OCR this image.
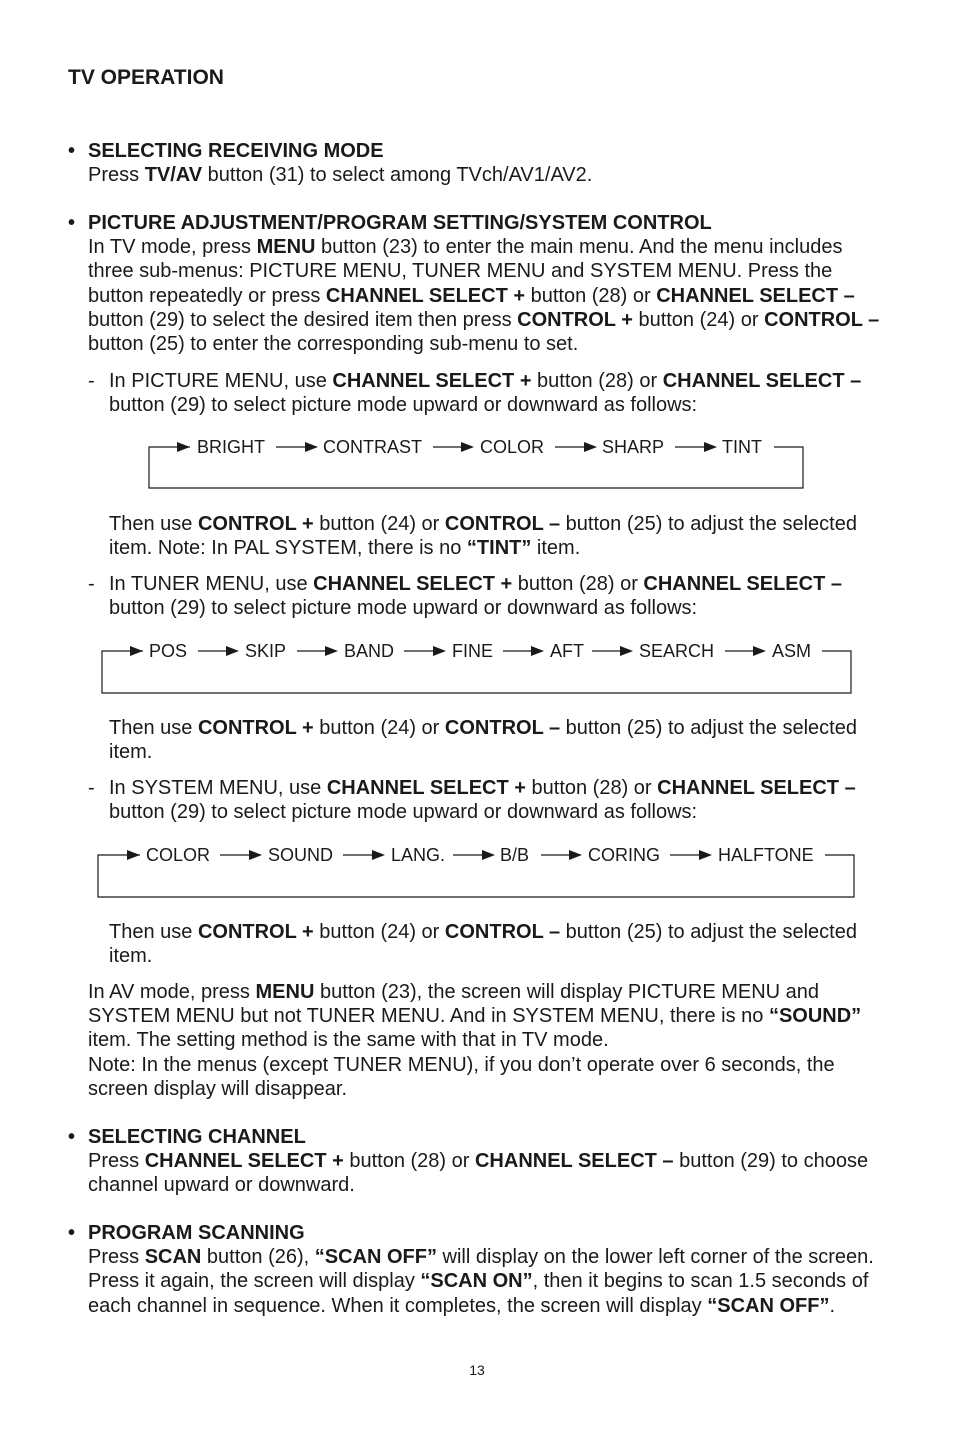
TV OPERATION
• SELECTING RECEIVING MODE
Press TV/AV button (31) to select among TVch/AV1/AV2.
• PICTURE ADJUSTMENT/PROGRAM SETTING/SYSTEM CONTROL
In TV mode, press MENU button (23) to enter the main menu. And the menu includes three sub-menus: PICTURE MENU, TUNER MENU and SYSTEM MENU. Press the button repeatedly or press CHANNEL SELECT + button (28) or CHANNEL SELECT – button (29) to select the desired item then press CONTROL + button (24) or CONTROL – button (25) to enter the corresponding sub-menu to set.
- In PICTURE MENU, use CHANNEL SELECT + button (28) or CHANNEL SELECT – button (29) to select picture mode upward or downward as follows:
BRIGHT	CONTRAST	COLOR	SHARP	TINT
Then use CONTROL + button (24) or CONTROL – button (25) to adjust the selected item. Note: In PAL SYSTEM, there is no “TINT” item.
- In TUNER MENU, use CHANNEL SELECT + button (28) or CHANNEL SELECT – button (29) to select picture mode upward or downward as follows:
POS	SKIP	BAND	FINE	AFT	SEARCH	ASM
Then use CONTROL + button (24) or CONTROL – button (25) to adjust the selected item.
- In SYSTEM MENU, use CHANNEL SELECT + button (28) or CHANNEL SELECT – button (29) to select picture mode upward or downward as follows:
COLOR	SOUND	LANG.	B/B	CORING	HALFTONE
Then use CONTROL + button (24) or CONTROL – button (25) to adjust the selected item.
In AV mode, press MENU button (23), the screen will display PICTURE MENU and SYSTEM MENU but not TUNER MENU. And in SYSTEM MENU, there is no “SOUND” item. The setting method is the same with that in TV mode.
Note: In the menus (except TUNER MENU), if you don’t operate over 6 seconds, the screen display will disappear.
• SELECTING CHANNEL
Press CHANNEL SELECT + button (28) or CHANNEL SELECT – button (29) to choose channel upward or downward.
• PROGRAM SCANNING
Press SCAN button (26), “SCAN OFF” will display on the lower left corner of the screen. Press it again, the screen will display “SCAN ON”, then it begins to scan 1.5 seconds of each channel in sequence. When it completes, the screen will display “SCAN OFF”.
13
